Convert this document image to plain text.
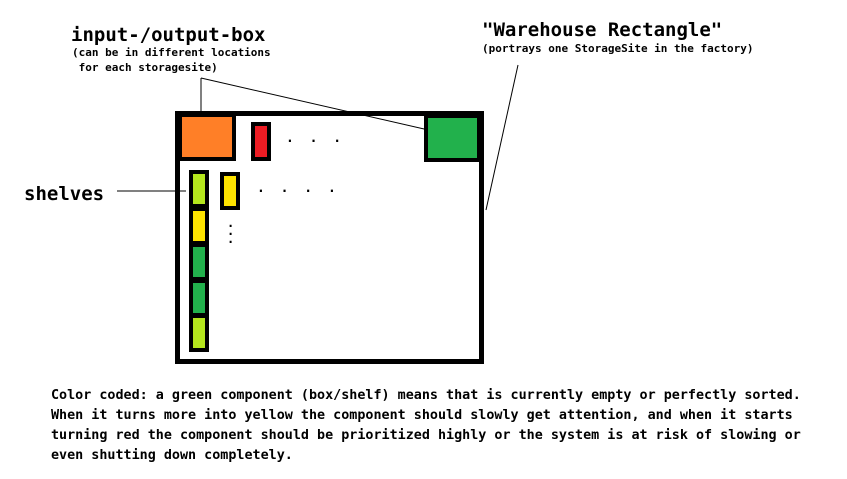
input-/output-box
(can be in different locations
for each storagesite)
"Warehouse Rectangle"
(portrays one StorageSite in the factory)
shelves
. . .
. . . .
.
.
.
Color coded: a green component (box/shelf) means that is currently empty or perfectly sorted. When it turns more into yellow the component should slowly get attention, and when it starts turning red the component should be prioritized highly or the system is at risk of slowing or even shutting down completely.
